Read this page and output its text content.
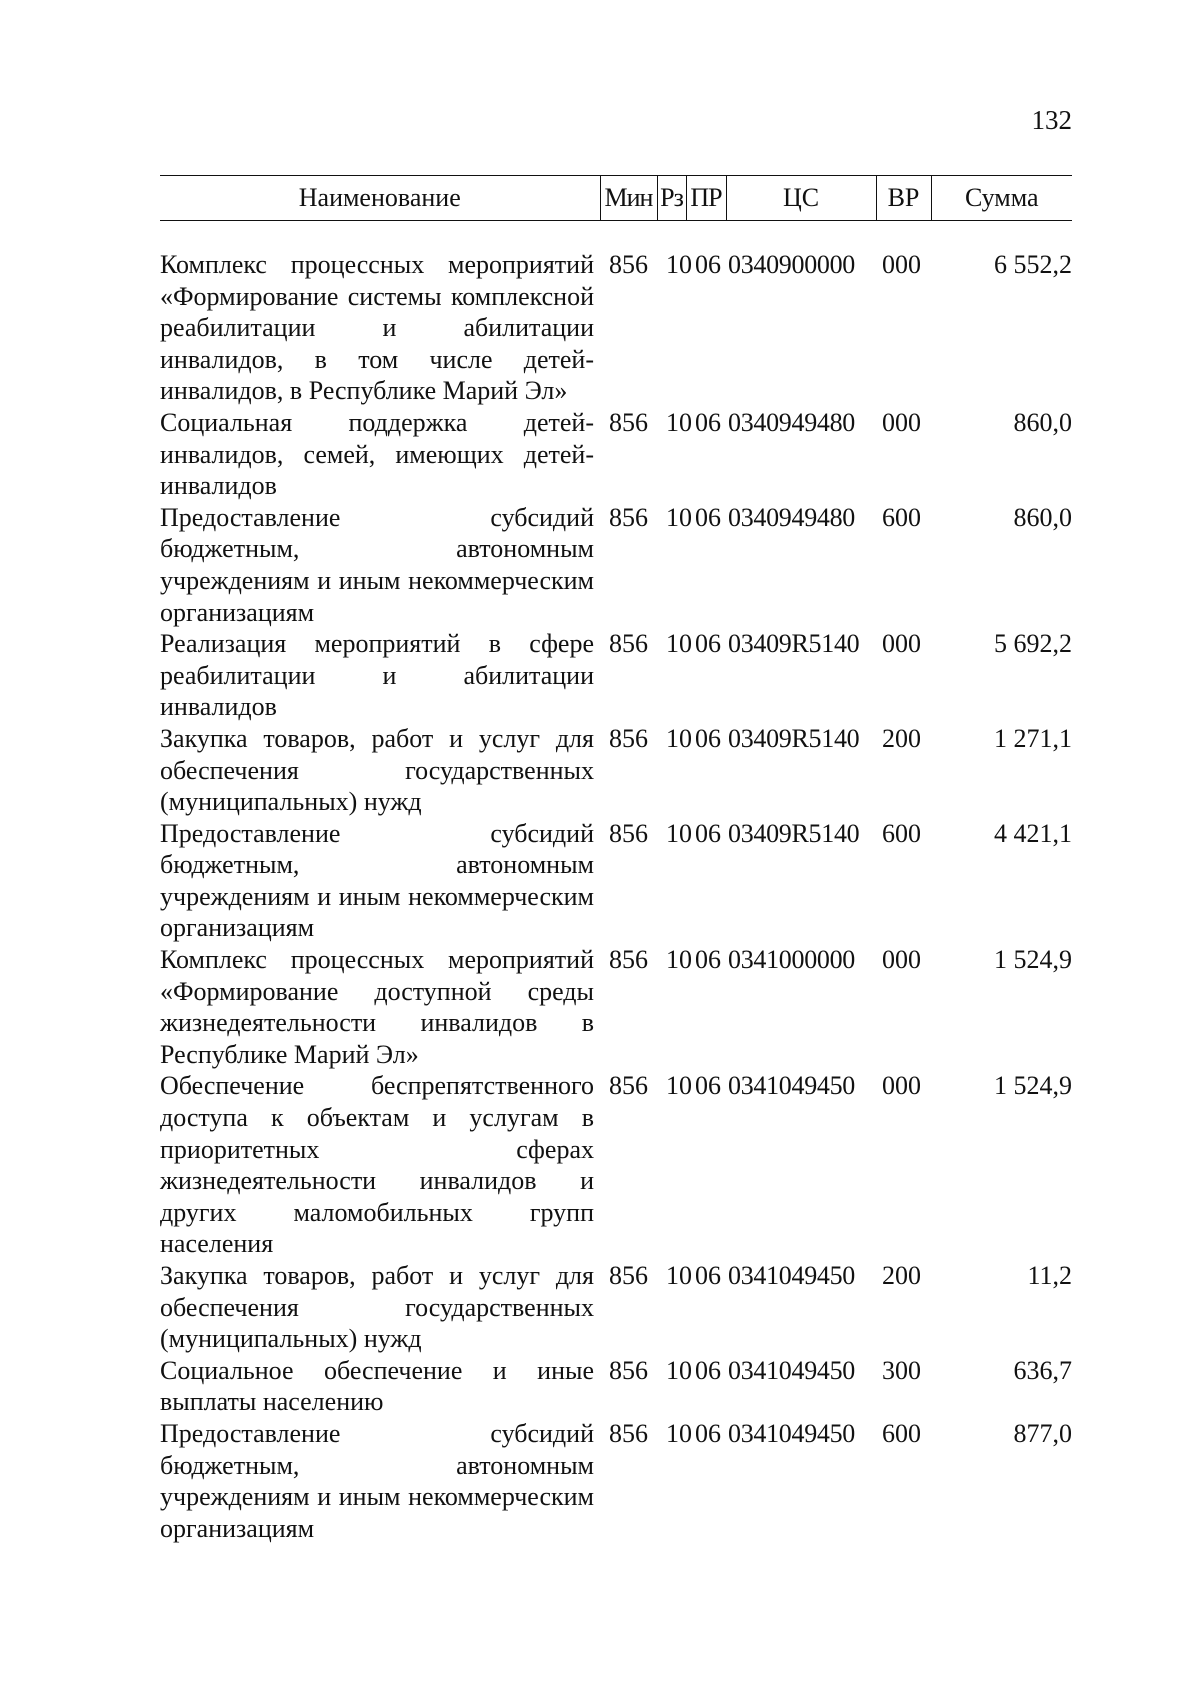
132
Наименование	Мин	Рз	ПР	ЦС	ВР	Сумма

Комплекс процессных мероприятий «Формирование системы комплексной реабилитации и абилитации инвалидов, в том числе детей-инвалидов, в Республике Марий Эл»	856	10	06	0340900000	000	6 552,2
Социальная поддержка детей-инвалидов, семей, имеющих детей-инвалидов	856	10	06	0340949480	000	860,0
Предоставление субсидий бюджетным, автономным учреждениям и иным некоммерческим организациям	856	10	06	0340949480	600	860,0
Реализация мероприятий в сфере реабилитации и абилитации инвалидов	856	10	06	03409R5140	000	5 692,2
Закупка товаров, работ и услуг для обеспечения государственных (муниципальных) нужд	856	10	06	03409R5140	200	1 271,1
Предоставление субсидий бюджетным, автономным учреждениям и иным некоммерческим организациям	856	10	06	03409R5140	600	4 421,1
Комплекс процессных мероприятий «Формирование доступной среды жизнедеятельности инвалидов в Республике Марий Эл»	856	10	06	0341000000	000	1 524,9
Обеспечение беспрепятственного доступа к объектам и услугам в приоритетных сферах жизнедеятельности инвалидов и других маломобильных групп населения	856	10	06	0341049450	000	1 524,9
Закупка товаров, работ и услуг для обеспечения государственных (муниципальных) нужд	856	10	06	0341049450	200	11,2
Социальное обеспечение и иные выплаты населению	856	10	06	0341049450	300	636,7
Предоставление субсидий бюджетным, автономным учреждениям и иным некоммерческим организациям	856	10	06	0341049450	600	877,0
